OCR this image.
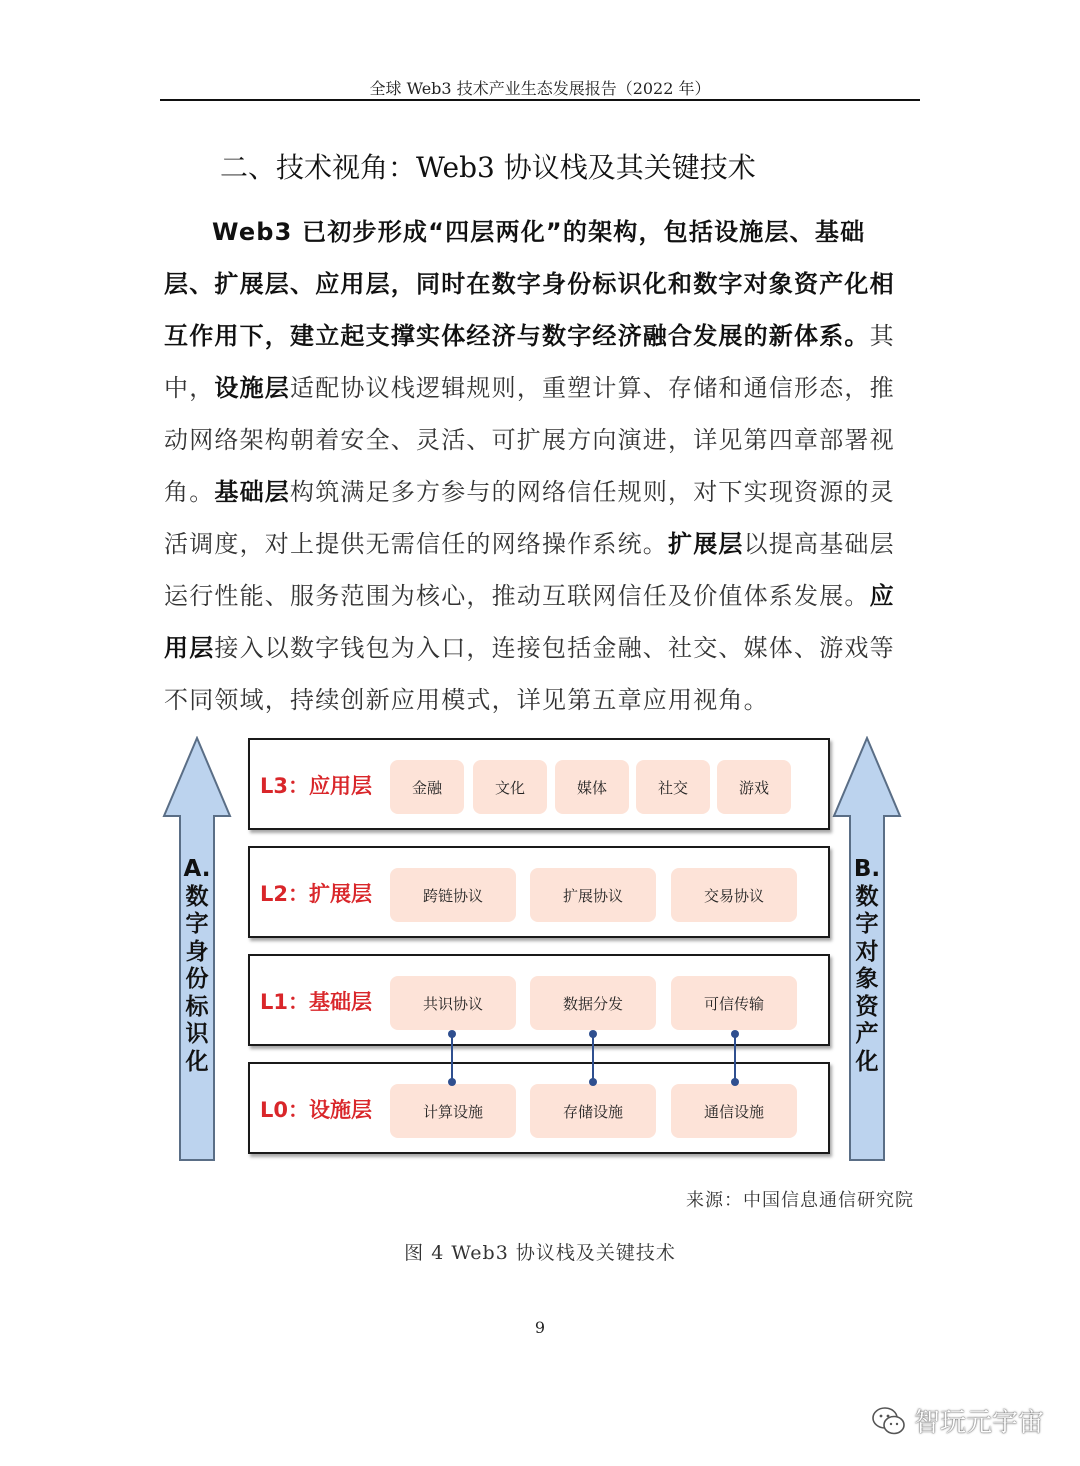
全球 Web3 技术产业生态发展报告（2022 年）
二、技术视角：Web3 协议栈及其关键技术

Web3 已初步形成“四层两化”的架构，包括设施层、基础层、扩展层、应用层，同时在数字身份标识化和数字对象资产化相互作用下，建立起支撑实体经济与数字经济融合发展的新体系。其中，设施层适配协议栈逻辑规则，重塑计算、存储和通信形态，推动网络架构朝着安全、灵活、可扩展方向演进，详见第四章部署视角。基础层构筑满足多方参与的网络信任规则，对下实现资源的灵活调度，对上提供无需信任的网络操作系统。扩展层以提高基础层运行性能、服务范围为核心，推动互联网信任及价值体系发展。应用层接入以数字钱包为入口，连接包括金融、社交、媒体、游戏等不同领域，持续创新应用模式，详见第五章应用视角。

A.数字身份标识化
B.数字对象资产化
L3：应用层	金融	文化	媒体	社交	游戏
L2：扩展层	跨链协议	扩展协议	交易协议
L1：基础层	共识协议	数据分发	可信传输
L0：设施层	计算设施	存储设施	通信设施
来源：中国信息通信研究院
图 4 Web3 协议栈及关键技术
9
智玩元宇宙
